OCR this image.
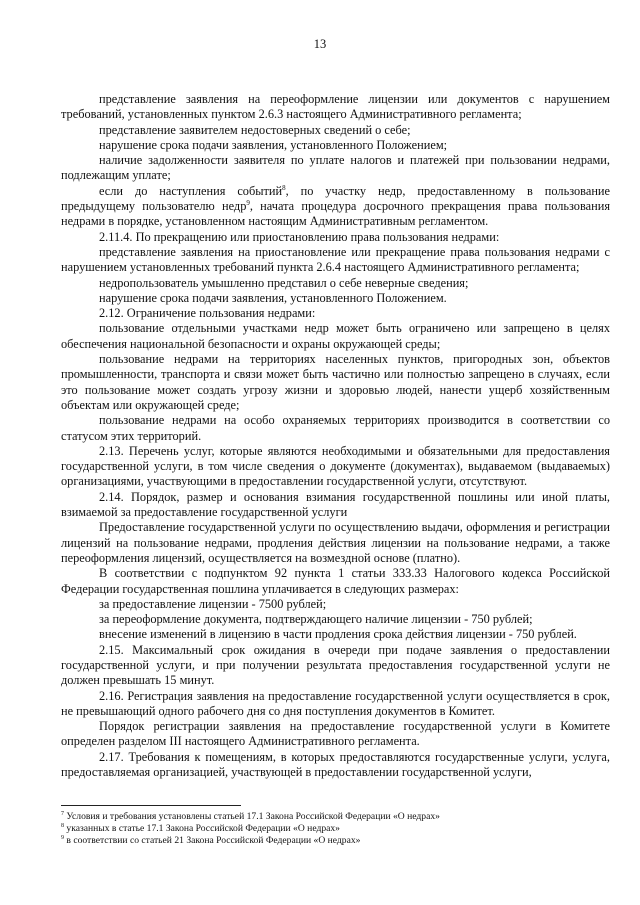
13

представление заявления на переоформление лицензии или документов с нарушением требований, установленных пунктом 2.6.3 настоящего Административного регламента;

представление заявителем недостоверных сведений о себе;

нарушение срока подачи заявления, установленного Положением;

наличие задолженности заявителя по уплате налогов и платежей при пользовании недрами, подлежащим уплате;

если до наступления событий$^8$, по участку недр, предоставленному в пользование

предыдущему пользователю недр$^9$, начата процедура досрочного прекращения права пользования недрами в порядке, установленном настоящим Административным регламентом.

2.11.4. По прекращению или приостановлению права пользования недрами:

представление заявления на приостановление или прекращение права пользования недрами с нарушением установленных требований пункта 2.6.4 настоящего Административного регламента;

недропользователь умышленно представил о себе неверные сведения;

нарушение срока подачи заявления, установленного Положением.

2.12. Ограничение пользования недрами:

пользование отдельными участками недр может быть ограничено или запрещено в целях обеспечения национальной безопасности и охраны окружающей среды;

пользование недрами на территориях населенных пунктов, пригородных зон, объектов промышленности, транспорта и связи может быть частично или полностью запрещено в случаях, если это пользование может создать угрозу жизни и здоровью людей, нанести ущерб хозяйственным объектам или окружающей среде;

пользование недрами на особо охраняемых территориях производится в соответствии со статусом этих территорий.

2.13. Перечень услуг, которые являются необходимыми и обязательными для предоставления государственной услуги, в том числе сведения о документе (документах), выдаваемом (выдаваемых) организациями, участвующими в предоставлении государственной услуги, отсутствуют.

2.14. Порядок, размер и основания взимания государственной пошлины или иной платы, взимаемой за предоставление государственной услуги

Предоставление государственной услуги по осуществлению выдачи, оформления и регистрации лицензий на пользование недрами, продления действия лицензии на пользование недрами, а также переоформления лицензий, осуществляется на возмездной основе (платно).

В соответствии с подпунктом 92 пункта 1 статьи 333.33 Налогового кодекса Российской Федерации государственная пошлина уплачивается в следующих размерах:

за предоставление лицензии - 7500 рублей;

за переоформление документа, подтверждающего наличие лицензии - 750 рублей;

внесение изменений в лицензию в части продления срока действия лицензии - 750 рублей.

2.15. Максимальный срок ожидания в очереди при подаче заявления о предоставлении государственной услуги, и при получении результата предоставления государственной услуги не должен превышать 15 минут.

2.16. Регистрация заявления на предоставление государственной услуги осуществляется в срок, не превышающий одного рабочего дня со дня поступления документов в Комитет.

Порядок регистрации заявления на предоставление государственной услуги в Комитете определен разделом III настоящего Административного регламента.

2.17. Требования к помещениям, в которых предоставляются государственные услуги, услуга, предоставляемая организацией, участвующей в предоставлении государственной услуги,

$^7$ Условия и требования установлены статьей 17.1 Закона Российской Федерации «О недрах»
$^8$ указанных в статье 17.1 Закона Российской Федерации «О недрах»
$^9$ в соответствии со статьей 21 Закона Российской Федерации «О недрах»
